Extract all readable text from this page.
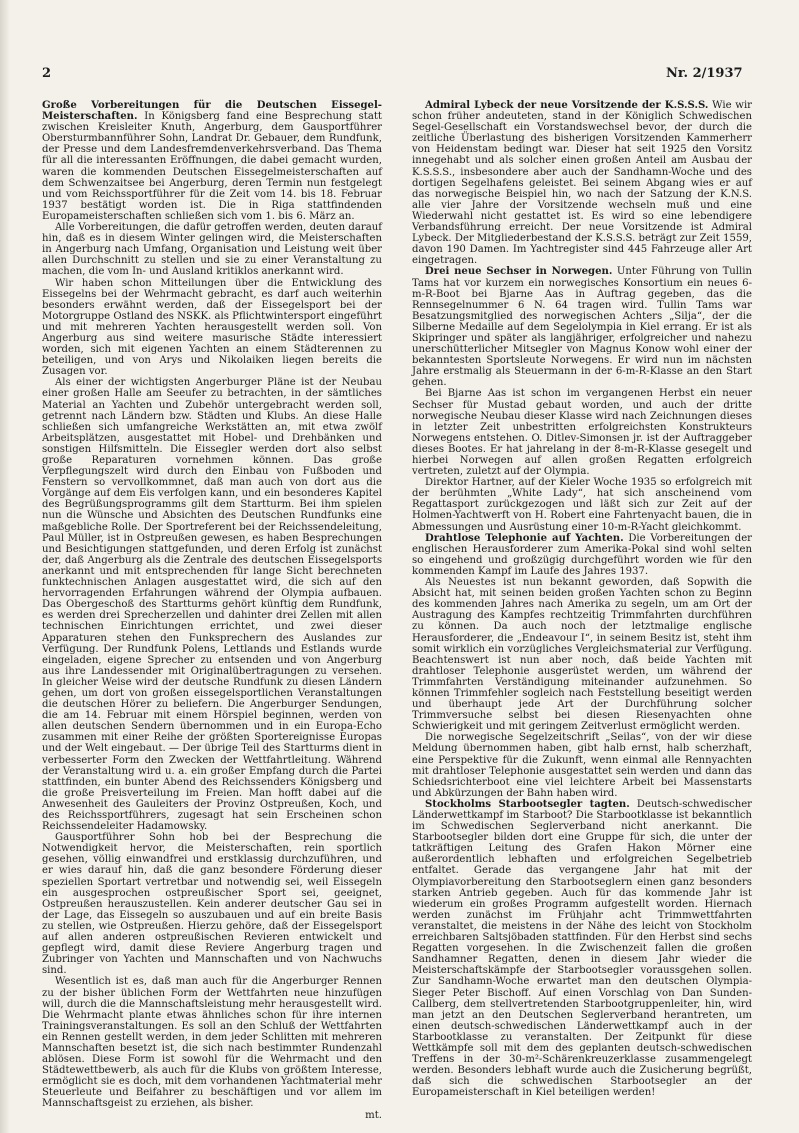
2	Nr. 2/1937

Große Vorbereitungen für die Deutschen Eissegel-Meisterschaften. In Königsberg fand eine Besprechung statt zwischen Kreisleiter Knuth, Angerburg, dem Gausportführer Obersturmbannführer Sohn, Landrat Dr. Gebauer, dem Rundfunk, der Presse und dem Landesfremdenverkehrsverband. Das Thema für all die interessanten Eröffnungen, die dabei gemacht wurden, waren die kommenden Deutschen Eissegelmeisterschaften auf dem Schwenzaitsee bei Angerburg, deren Termin nun festgelegt und vom Reichssportführer für die Zeit vom 14. bis 18. Februar 1937 bestätigt worden ist. Die in Riga stattfindenden Europameisterschaften schließen sich vom 1. bis 6. März an.

Alle Vorbereitungen, die dafür getroffen werden, deuten darauf hin, daß es in diesem Winter gelingen wird, die Meisterschaften in Angerburg nach Umfang, Organisation und Leistung weit über allen Durchschnitt zu stellen und sie zu einer Veranstaltung zu machen, die vom In- und Ausland kritiklos anerkannt wird.

Wir haben schon Mitteilungen über die Entwicklung des Eissegelns bei der Wehrmacht gebracht, es darf auch weiterhin besonders erwähnt werden, daß der Eissegelsport bei der Motorgruppe Ostland des NSKK. als Pflichtwintersport eingeführt und mit mehreren Yachten herausgestellt werden soll. Von Angerburg aus sind weitere masurische Städte interessiert worden, sich mit eigenen Yachten an einem Städterennen zu beteiligen, und von Arys und Nikolaiken liegen bereits die Zusagen vor.

Als einer der wichtigsten Angerburger Pläne ist der Neubau einer großen Halle am Seeufer zu betrachten, in der sämtliches Material an Yachten und Zubehör untergebracht werden soll, getrennt nach Ländern bzw. Städten und Klubs. An diese Halle schließen sich umfangreiche Werkstätten an, mit etwa zwölf Arbeitsplätzen, ausgestattet mit Hobel- und Drehbänken und sonstigen Hilfsmitteln. Die Eissegler werden dort also selbst große Reparaturen vornehmen können. Das große Verpflegungszelt wird durch den Einbau von Fußboden und Fenstern so vervollkommnet, daß man auch von dort aus die Vorgänge auf dem Eis verfolgen kann, und ein besonderes Kapitel des Begrüßungsprogramms gilt dem Startturm. Bei ihm spielen nun die Wünsche und Absichten des Deutschen Rundfunks eine maßgebliche Rolle. Der Sportreferent bei der Reichssendeleitung, Paul Müller, ist in Ostpreußen gewesen, es haben Besprechungen und Besichtigungen stattgefunden, und deren Erfolg ist zunächst der, daß Angerburg als die Zentrale des deutschen Eissegelsports anerkannt und mit entsprechenden für lange Sicht berechneten funktechnischen Anlagen ausgestattet wird, die sich auf den hervorragenden Erfahrungen während der Olympia aufbauen. Das Obergeschoß des Startturms gehört künftig dem Rundfunk, es werden drei Sprecherzellen und dahinter drei Zellen mit allen technischen Einrichtungen errichtet, und zwei dieser Apparaturen stehen den Funksprechern des Auslandes zur Verfügung. Der Rundfunk Polens, Lettlands und Estlands wurde eingeladen, eigene Sprecher zu entsenden und von Angerburg aus ihre Landessender mit Originalübertragungen zu versehen. In gleicher Weise wird der deutsche Rundfunk zu diesen Ländern gehen, um dort von großen eissegelsportlichen Veranstaltungen die deutschen Hörer zu beliefern. Die Angerburger Sendungen, die am 14. Februar mit einem Hörspiel beginnen, werden von allen deutschen Sendern übernommen und in ein Europa-Echo zusammen mit einer Reihe der größten Sportereignisse Europas und der Welt eingebaut. — Der übrige Teil des Startturms dient in verbesserter Form den Zwecken der Wettfahrtleitung. Während der Veranstaltung wird u. a. ein großer Empfang durch die Partei stattfinden, ein bunter Abend des Reichssenders Königsberg und die große Preisverteilung im Freien. Man hofft dabei auf die Anwesenheit des Gauleiters der Provinz Ostpreußen, Koch, und des Reichssportführers, zugesagt hat sein Erscheinen schon Reichssendeleiter Hadamowsky.

Gausportführer Sohn hob bei der Besprechung die Notwendigkeit hervor, die Meisterschaften, rein sportlich gesehen, völlig einwandfrei und erstklassig durchzuführen, und er wies darauf hin, daß die ganz besondere Förderung dieser speziellen Sportart vertretbar und notwendig sei, weil Eissegeln ein ausgesprochen ostpreußischer Sport sei, geeignet, Ostpreußen herauszustellen. Kein anderer deutscher Gau sei in der Lage, das Eissegeln so auszubauen und auf ein breite Basis zu stellen, wie Ostpreußen. Hierzu gehöre, daß der Eissegelsport auf allen anderen ostpreußischen Revieren entwickelt und gepflegt wird, damit diese Reviere Angerburg tragen und Zubringer von Yachten und Mannschaften und von Nachwuchs sind.

Wesentlich ist es, daß man auch für die Angerburger Rennen zu der bisher üblichen Form der Wettfahrten neue hinzufügen will, durch die die Mannschaftsleistung mehr herausgestellt wird. Die Wehrmacht plante etwas ähnliches schon für ihre internen Trainingsveranstaltungen. Es soll an den Schluß der Wettfahrten ein Rennen gestellt werden, in dem jeder Schlitten mit mehreren Mannschaften besetzt ist, die sich nach bestimmter Rundenzahl ablösen. Diese Form ist sowohl für die Wehrmacht und den Städtewettbewerb, als auch für die Klubs von größtem Interesse, ermöglicht sie es doch, mit dem vorhandenen Yachtmaterial mehr Steuerleute und Beifahrer zu beschäftigen und vor allem im Mannschaftsgeist zu erziehen, als bisher.

mt.

Admiral Lybeck der neue Vorsitzende der K.S.S.S. Wie wir schon früher andeuteten, stand in der Königlich Schwedischen Segel-Gesellschaft ein Vorstandswechsel bevor, der durch die zeitliche Überlastung des bisherigen Vorsitzenden Kammerherr von Heidenstam bedingt war. Dieser hat seit 1925 den Vorsitz innegehabt und als solcher einen großen Anteil am Ausbau der K.S.S.S., insbesondere aber auch der Sandhamn-Woche und des dortigen Segelhafens geleistet. Bei seinem Abgang wies er auf das norwegische Beispiel hin, wo nach der Satzung der K.N.S. alle vier Jahre der Vorsitzende wechseln muß und eine Wiederwahl nicht gestattet ist. Es wird so eine lebendigere Verbandsführung erreicht. Der neue Vorsitzende ist Admiral Lybeck. Der Mitgliederbestand der K.S.S.S. beträgt zur Zeit 1559, davon 190 Damen. Im Yachtregister sind 445 Fahrzeuge aller Art eingetragen.

Drei neue Sechser in Norwegen. Unter Führung von Tullin Tams hat vor kurzem ein norwegisches Konsortium ein neues 6-m-R-Boot bei Bjarne Aas in Auftrag gegeben, das die Rennsegelnummer 6 N. 64 tragen wird. Tullin Tams war Besatzungsmitglied des norwegischen Achters „Silja“, der die Silberne Medaille auf dem Segelolympia in Kiel errang. Er ist als Skipringer und später als langjähriger, erfolgreicher und nahezu unerschütterlicher Mitsegler von Magnus Konow wohl einer der bekanntesten Sportsleute Norwegens. Er wird nun im nächsten Jahre erstmalig als Steuermann in der 6-m-R-Klasse an den Start gehen.

Bei Bjarne Aas ist schon im vergangenen Herbst ein neuer Sechser für Mustad gebaut worden, und auch der dritte norwegische Neubau dieser Klasse wird nach Zeichnungen dieses in letzter Zeit unbestritten erfolgreichsten Konstrukteurs Norwegens entstehen. O. Ditlev-Simonsen jr. ist der Auftraggeber dieses Bootes. Er hat jahrelang in der 8-m-R-Klasse gesegelt und hierbei Norwegen auf allen großen Regatten erfolgreich vertreten, zuletzt auf der Olympia.

Direktor Hartner, auf der Kieler Woche 1935 so erfolgreich mit der berühmten „White Lady“, hat sich anscheinend vom Regattasport zurückgezogen und läßt sich zur Zeit auf der Holmen-Yachtwerft von H. Robert eine Fahrtenyacht bauen, die in Abmessungen und Ausrüstung einer 10-m-R-Yacht gleichkommt.

Drahtlose Telephonie auf Yachten. Die Vorbereitungen der englischen Herausforderer zum Amerika-Pokal sind wohl selten so eingehend und großzügig durchgeführt worden wie für den kommenden Kampf im Laufe des Jahres 1937.

Als Neuestes ist nun bekannt geworden, daß Sopwith die Absicht hat, mit seinen beiden großen Yachten schon zu Beginn des kommenden Jahres nach Amerika zu segeln, um am Ort der Austragung des Kampfes rechtzeitig Trimmfahrten durchführen zu können. Da auch noch der letztmalige englische Herausforderer, die „Endeavour I“, in seinem Besitz ist, steht ihm somit wirklich ein vorzügliches Vergleichsmaterial zur Verfügung. Beachtenswert ist nun aber noch, daß beide Yachten mit drahtloser Telephonie ausgerüstet werden, um während der Trimmfahrten Verständigung miteinander aufzunehmen. So können Trimmfehler sogleich nach Feststellung beseitigt werden und überhaupt jede Art der Durchführung solcher Trimmversuche selbst bei diesen Riesenyachten ohne Schwierigkeit und mit geringem Zeitverlust ermöglicht werden.

Die norwegische Segelzeitschrift „Seilas“, von der wir diese Meldung übernommen haben, gibt halb ernst, halb scherzhaft, eine Perspektive für die Zukunft, wenn einmal alle Rennyachten mit drahtloser Telephonie ausgestattet sein werden und dann das Schiedsrichterboot eine viel leichtere Arbeit bei Massenstarts und Abkürzungen der Bahn haben wird.

Stockholms Starbootsegler tagten. Deutsch-schwedischer Länderwettkampf im Starboot? Die Starbootklasse ist bekanntlich im Schwedischen Seglerverband nicht anerkannt. Die Starbootsegler bilden dort eine Gruppe für sich, die unter der tatkräftigen Leitung des Grafen Hakon Mörner eine außerordentlich lebhaften und erfolgreichen Segelbetrieb entfaltet. Gerade das vergangene Jahr hat mit der Olympiavorbereitung den Starbootseglern einen ganz besonders starken Antrieb gegeben. Auch für das kommende Jahr ist wiederum ein großes Programm aufgestellt worden. Hiernach werden zunächst im Frühjahr acht Trimmwettfahrten veranstaltet, die meistens in der Nähe des leicht von Stockholm erreichbaren Saltsjöbaden stattfinden. Für den Herbst sind sechs Regatten vorgesehen. In die Zwischenzeit fallen die großen Sandhamner Regatten, denen in diesem Jahr wieder die Meisterschaftskämpfe der Starbootsegler voraussgehen sollen. Zur Sandhamn-Woche erwartet man den deutschen Olympia-Sieger Peter Bischoff. Auf einen Vorschlag von Dan Sunden-Callberg, dem stellvertretenden Starbootgruppenleiter, hin, wird man jetzt an den Deutschen Seglerverband herantreten, um einen deutsch-schwedischen Länderwettkampf auch in der Starbootklasse zu veranstalten. Der Zeitpunkt für diese Wettkämpfe soll mit dem des geplanten deutsch-schwedischen Treffens in der 30-m²-Schärenkreuzerklasse zusammengelegt werden. Besonders lebhaft wurde auch die Zusicherung begrüßt, daß sich die schwedischen Starbootsegler an der Europameisterschaft in Kiel beteiligen werden!
